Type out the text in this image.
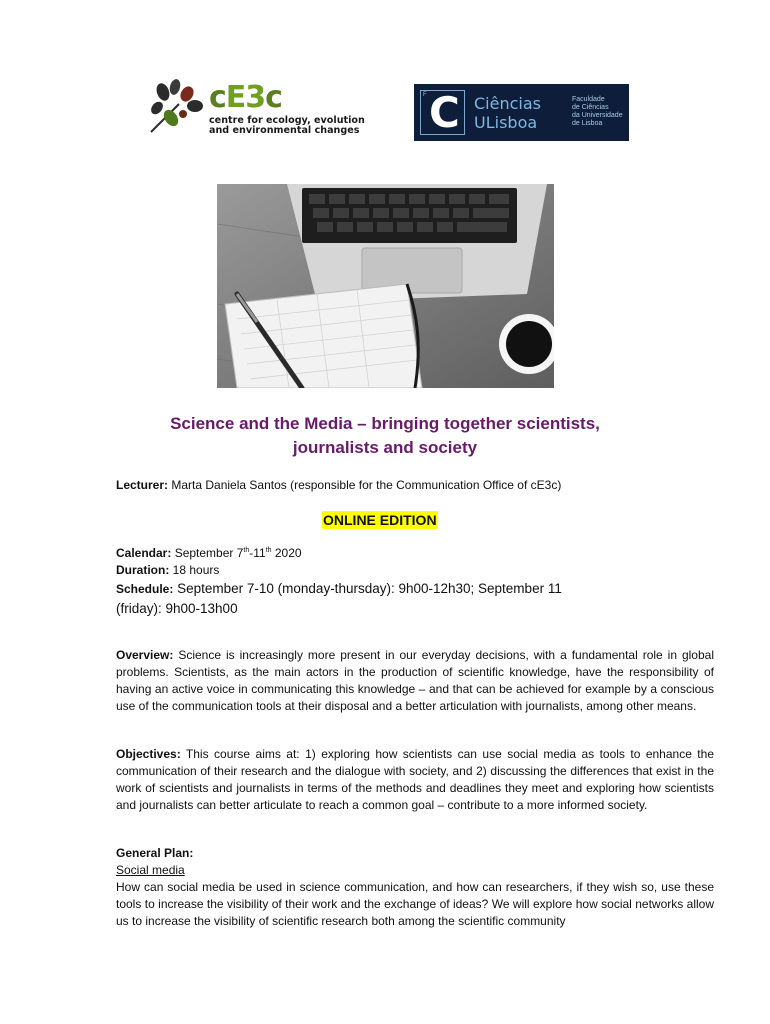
cE3c
centre for ecology, evolution
and environmental changes
F C Ciências
ULisboa
Faculdade
de Ciências
da Universidade
de Lisboa
Science and the Media – bringing together scientists,
journalists and society
Lecturer: Marta Daniela Santos (responsible for the Communication Office of cE3c)
ONLINE EDITION
Calendar: September 7th-11th 2020
Duration: 18 hours
Schedule: September 7-10 (monday-thursday): 9h00-12h30; September 11
(friday): 9h00-13h00
Overview: Science is increasingly more present in our everyday decisions, with a fundamental role in global problems. Scientists, as the main actors in the production of scientific knowledge, have the responsibility of having an active voice in communicating this knowledge – and that can be achieved for example by a conscious use of the communication tools at their disposal and a better articulation with journalists, among other means.
Objectives: This course aims at: 1) exploring how scientists can use social media as tools to enhance the communication of their research and the dialogue with society, and 2) discussing the differences that exist in the work of scientists and journalists in terms of the methods and deadlines they meet and exploring how scientists and journalists can better articulate to reach a common goal – contribute to a more informed society.
General Plan:
Social media
How can social media be used in science communication, and how can researchers, if they wish so, use these tools to increase the visibility of their work and the exchange of ideas? We will explore how social networks allow us to increase the visibility of scientific research both among the scientific community
